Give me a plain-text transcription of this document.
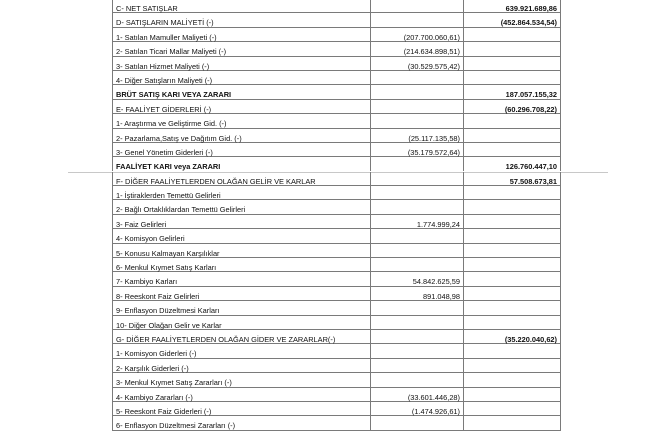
C- NET SATIŞLAR		639.921.689,86
D- SATIŞLARIN MALİYETİ (-)		(452.864.534,54)
1- Satılan Mamuller Maliyeti (-)	(207.700.060,61)	
2- Satılan Ticari Mallar Maliyeti (-)	(214.634.898,51)	
3- Satılan Hizmet Maliyeti (-)	(30.529.575,42)	
4- Diğer Satışların Maliyeti (-)		
BRÜT SATIŞ KARI VEYA ZARARI		187.057.155,32
E- FAALİYET GİDERLERİ (-)		(60.296.708,22)
1- Araştırma ve Geliştirme Gid. (-)		
2- Pazarlama,Satış ve Dağıtım Gid. (-)	(25.117.135,58)	
3- Genel Yönetim Giderleri (-)	(35.179.572,64)	
FAALİYET KARI veya ZARARI		126.760.447,10
F- DİĞER FAALİYETLERDEN OLAĞAN GELİR VE KARLAR		57.508.673,81
1- İştiraklerden Temettü Gelirleri		
2- Bağlı Ortaklıklardan Temettü Gelirleri		
3- Faiz Gelirleri	1.774.999,24	
4- Komisyon Gelirleri		
5- Konusu Kalmayan Karşılıklar		
6- Menkul Kıymet Satış Karları		
7- Kambiyo Karları	54.842.625,59	
8- Reeskont Faiz Gelirleri	891.048,98	
9- Enflasyon Düzeltmesi Karları		
10- Diğer Olağan Gelir ve Karlar		
G- DİĞER FAALİYETLERDEN OLAĞAN GİDER VE ZARARLAR(-)		(35.220.040,62)
1- Komisyon Giderleri (-)		
2- Karşılık Giderleri (-)		
3- Menkul Kıymet Satış Zararları (-)		
4- Kambiyo Zararları (-)	(33.601.446,28)	
5- Reeskont Faiz Giderleri (-)	(1.474.926,61)	
6- Enflasyon Düzeltmesi Zararları (-)		
